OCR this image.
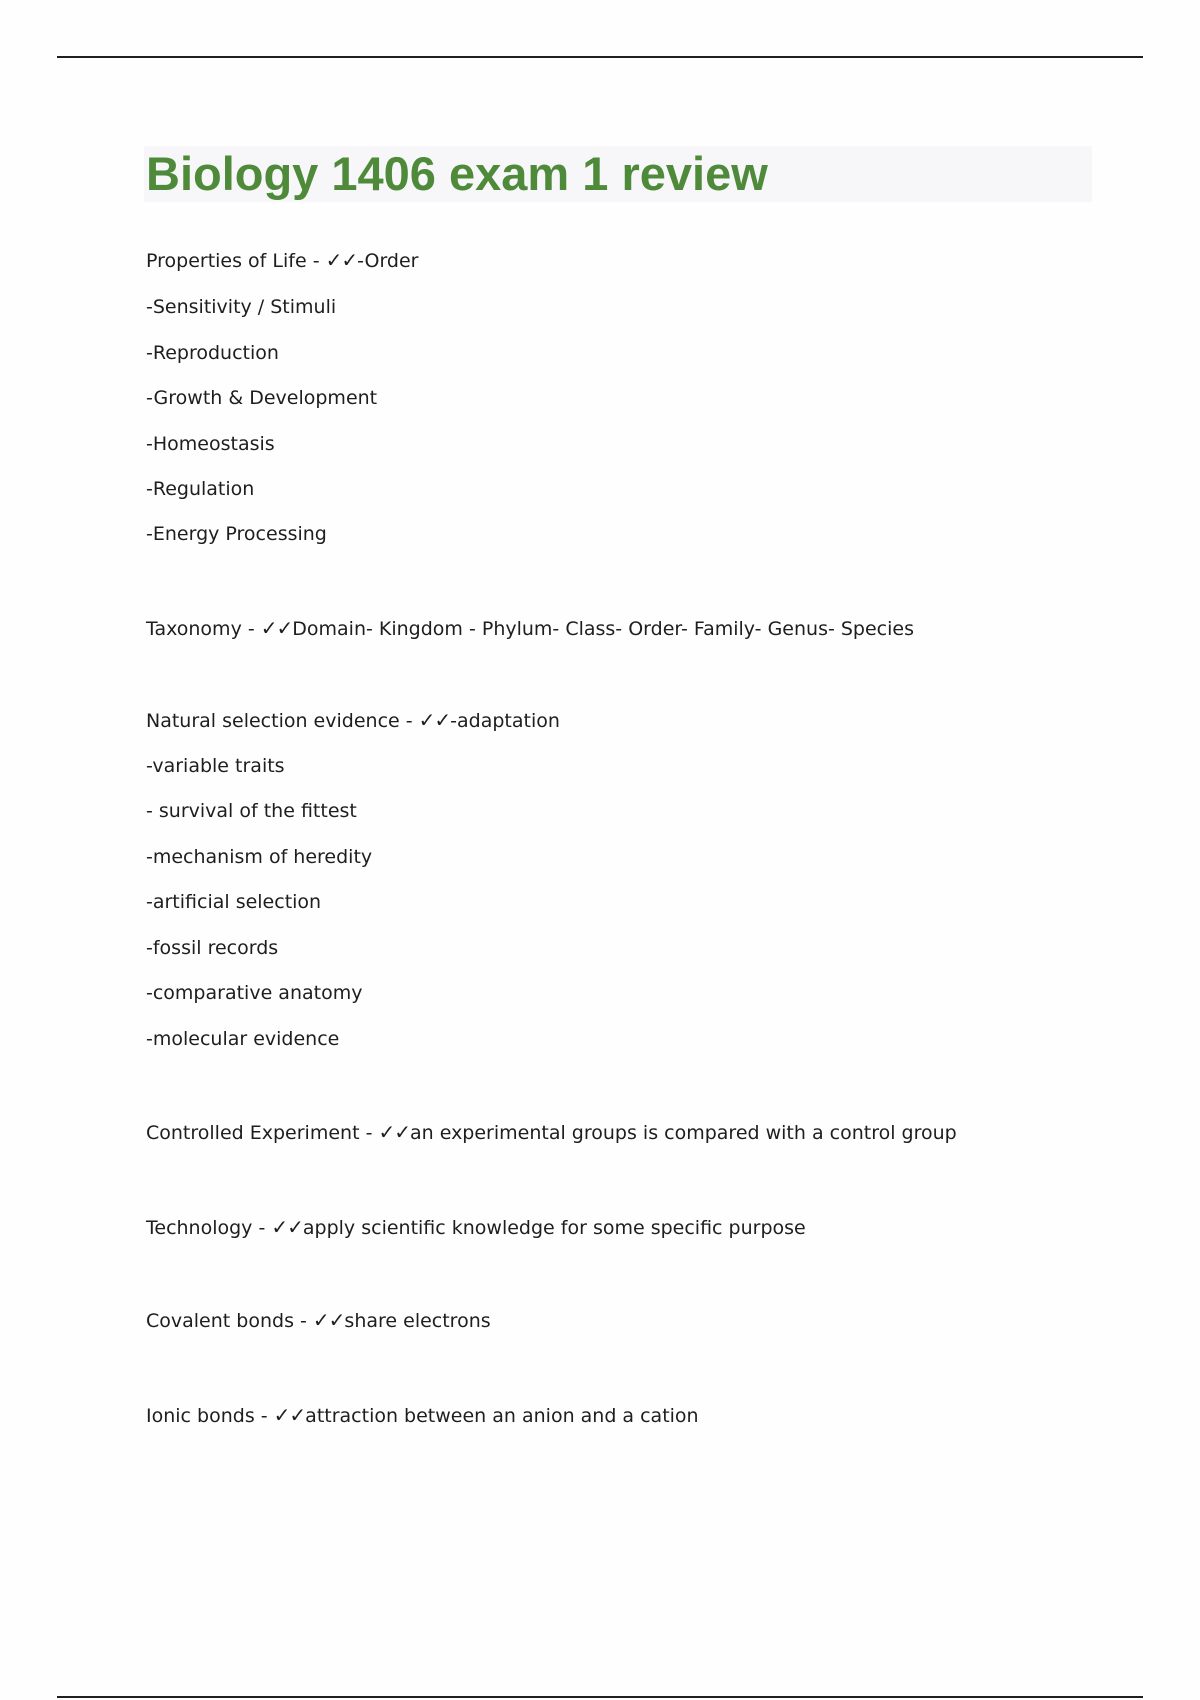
Biology 1406 exam 1 review

Properties of Life - ✓✓-Order

-Sensitivity / Stimuli

-Reproduction

-Growth & Development

-Homeostasis

-Regulation

-Energy Processing

Taxonomy - ✓✓Domain- Kingdom - Phylum- Class- Order- Family- Genus- Species

Natural selection evidence - ✓✓-adaptation

-variable traits

- survival of the fittest

-mechanism of heredity

-artificial selection

-fossil records

-comparative anatomy

-molecular evidence

Controlled Experiment - ✓✓an experimental groups is compared with a control group

Technology - ✓✓apply scientific knowledge for some specific purpose

Covalent bonds - ✓✓share electrons

Ionic bonds - ✓✓attraction between an anion and a cation
